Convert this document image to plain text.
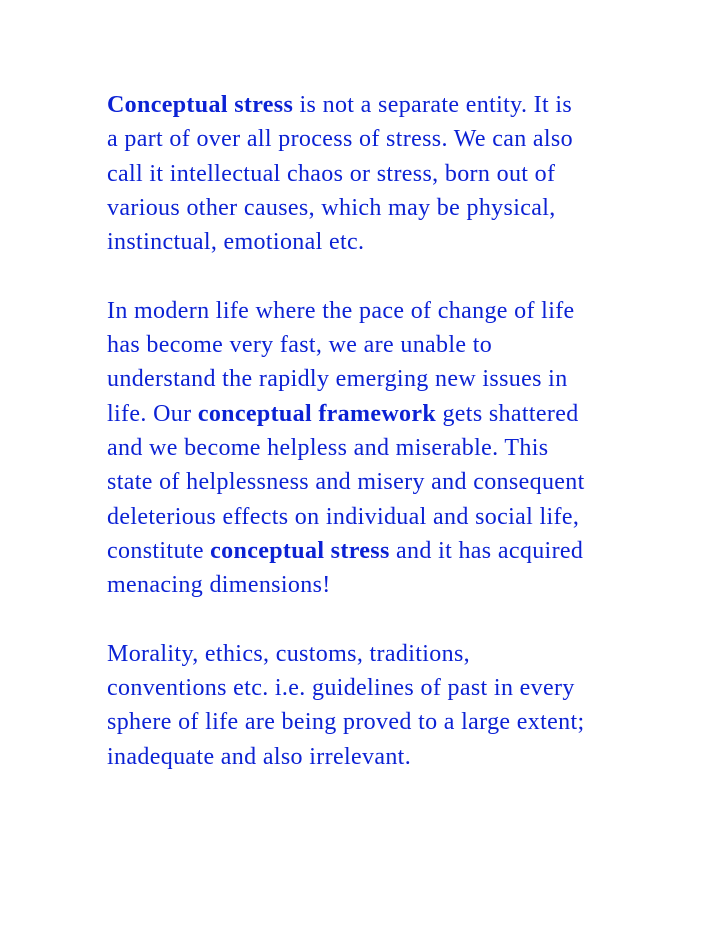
Conceptual stress is not a separate entity. It is
a part of over all process of stress. We can also
call it intellectual chaos or stress, born out of
various other causes, which may be physical,
instinctual, emotional etc.
In modern life where the pace of change of life
has become very fast, we are unable to
understand the rapidly emerging new issues in
life. Our conceptual framework gets shattered
and we become helpless and miserable. This
state of helplessness and misery and consequent
deleterious effects on individual and social life,
constitute conceptual stress and it has acquired
menacing dimensions!
Morality, ethics, customs, traditions,
conventions etc. i.e. guidelines of past in every
sphere of life are being proved to a large extent;
inadequate and also irrelevant.
